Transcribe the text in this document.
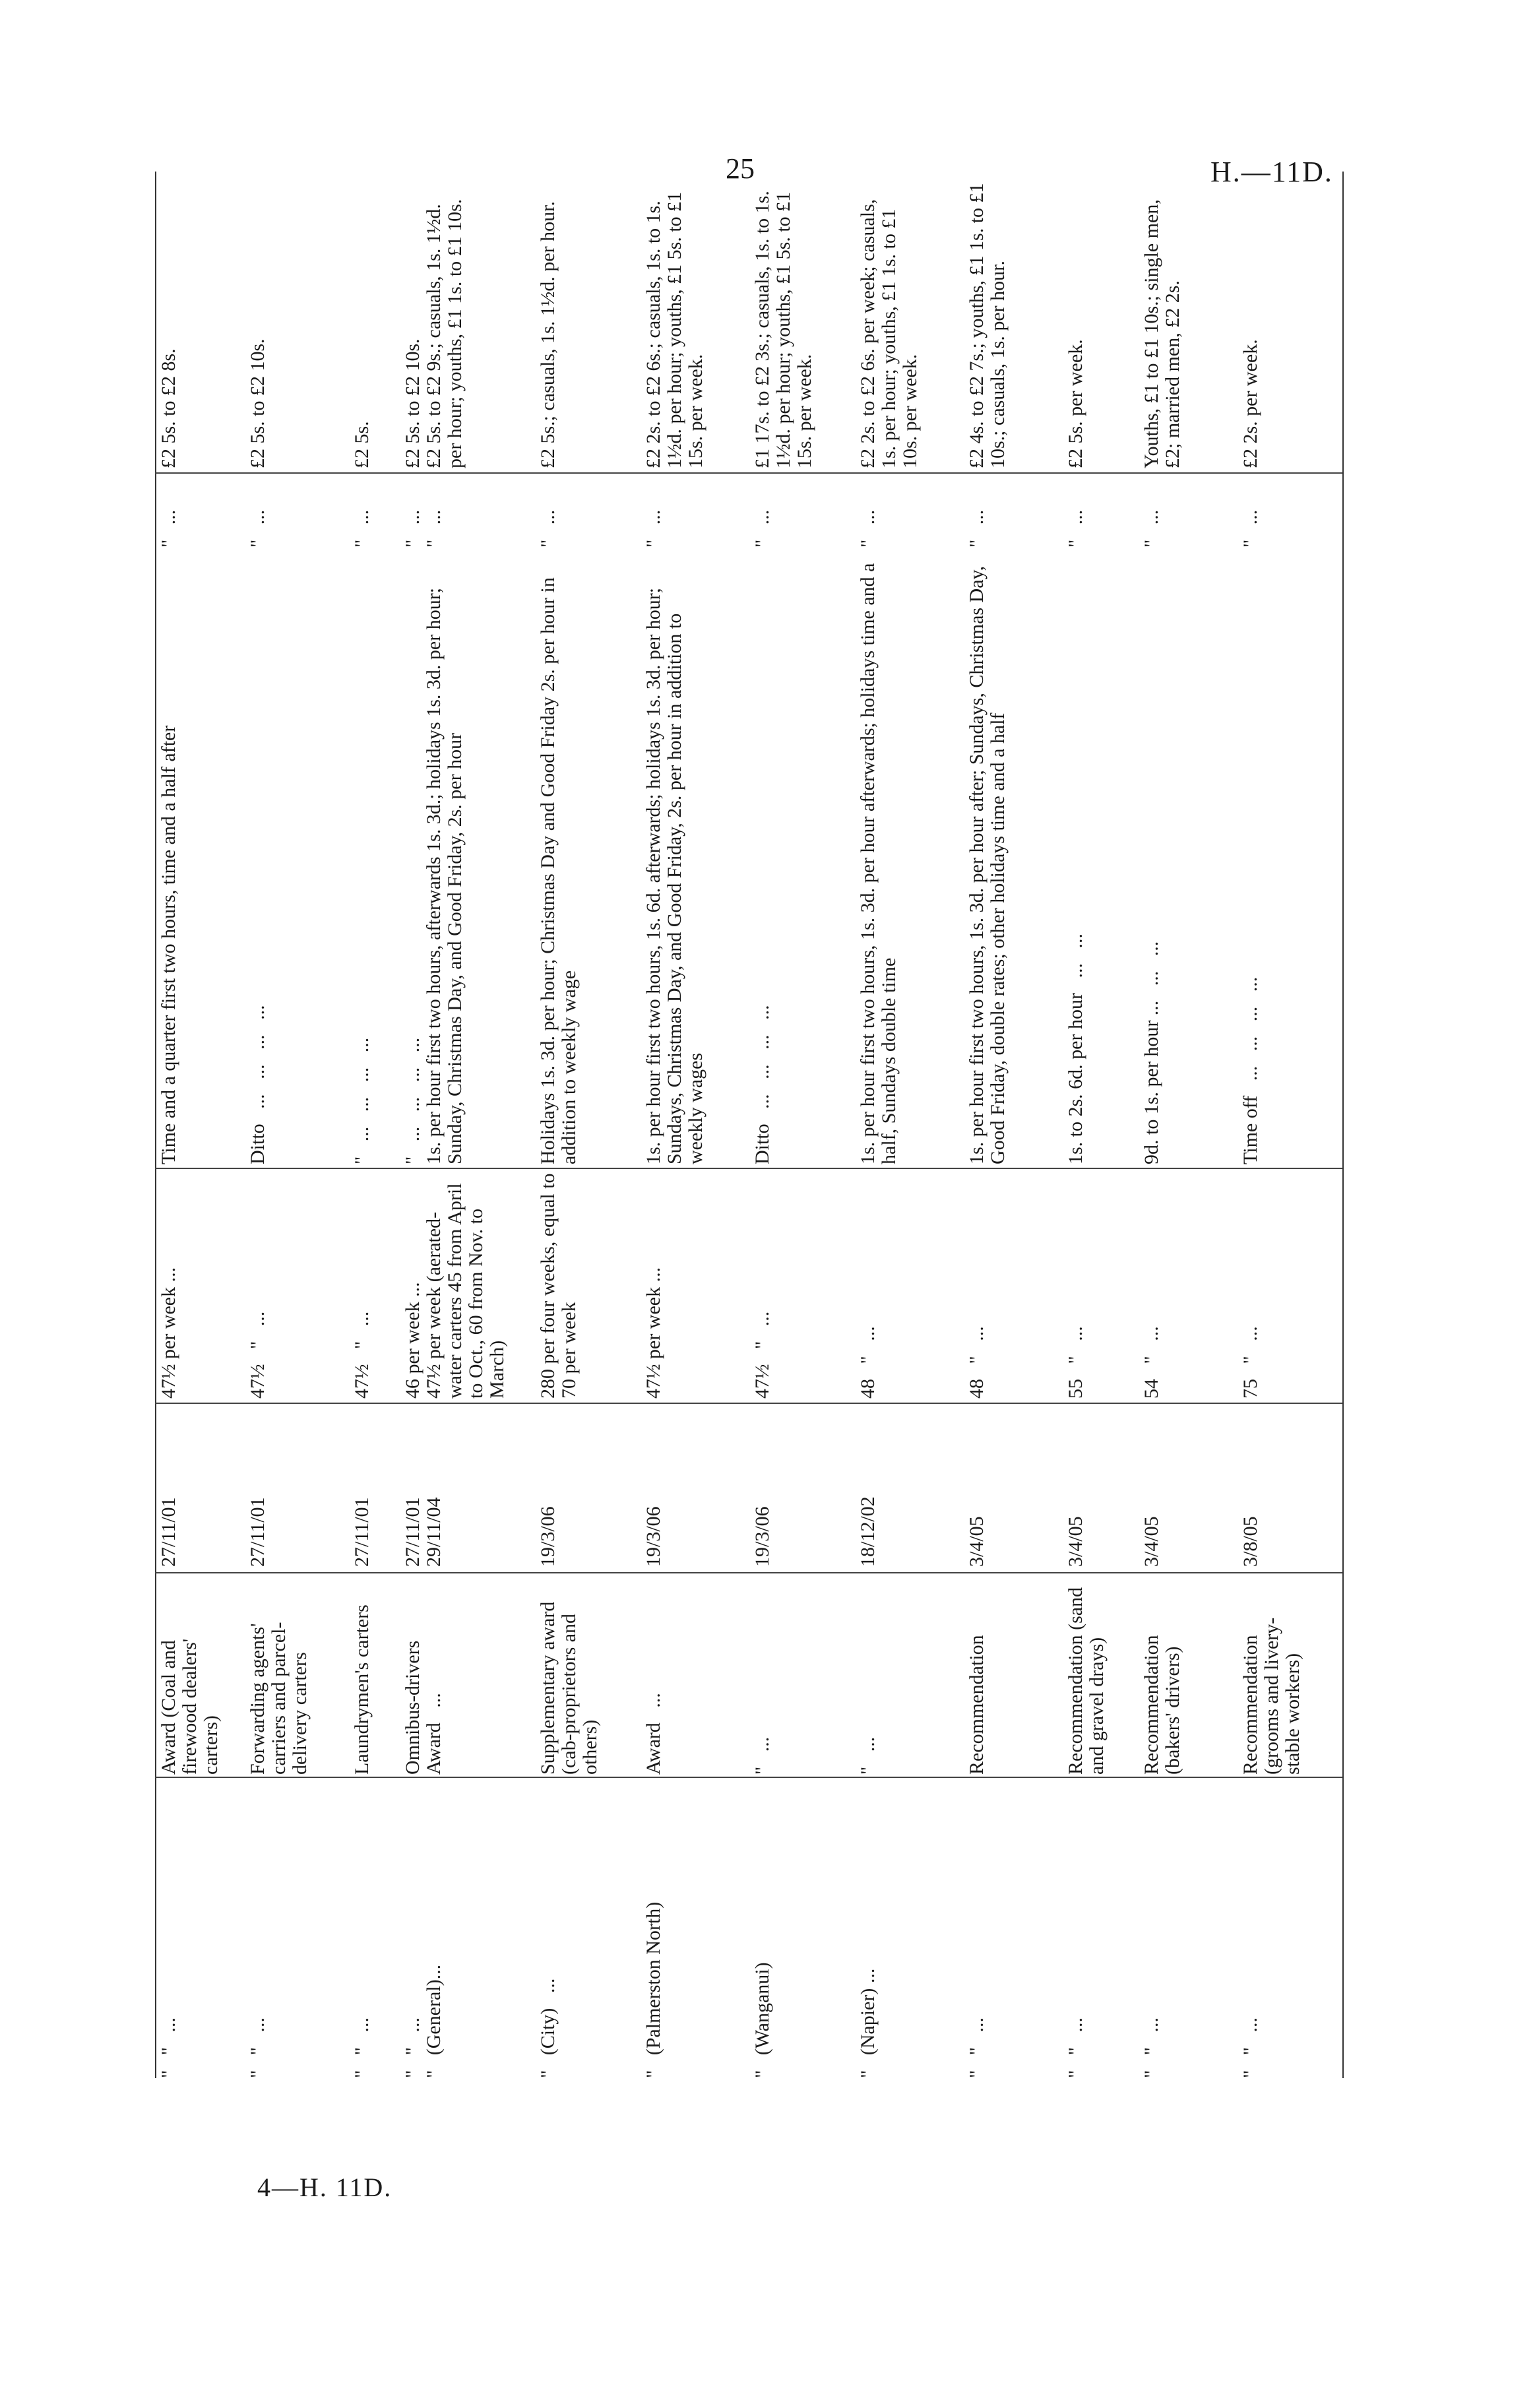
25	H.—11D.
"   "   ...
Award (Coal and firewood dealers' carters)
27/11/01
47½ per week ...
Time and a quarter first two hours, time and a half after
"   ...
£2 5s. to £2 8s.
"   "   ...
Forwarding agents' carriers and parcel-delivery carters
27/11/01
47½   "   ...
Ditto   ...   ...   ...   ...
"   ...
£2 5s. to £2 10s.
"   "   ...
Laundrymen's carters
27/11/01
47½   "   ...
"   ...   ...   ...   ...
"   ...
£2 5s.
"   "   ...
"   (General)...
Omnibus-drivers
Award   ...
27/11/01
29/11/04
46 per week ...
47½ per week (aerated-water carters 45 from April to Oct., 60 from Nov. to March)
"   ...   ...   ...   ...
1s. per hour first two hours, afterwards 1s. 3d.; holidays 1s. 3d. per hour; Sunday, Christmas Day, and Good Friday, 2s. per hour
"   ...
"   ...
£2 5s. to £2 10s.
£2 5s. to £2 9s.; casuals, 1s. 1½d. per hour; youths, £1 1s. to £1 10s.
"   (City)   ...
Supplementary award (cab-proprietors and others)
19/3/06
280 per four weeks, equal to 70 per week
Holidays 1s. 3d. per hour; Christmas Day and Good Friday 2s. per hour in addition to weekly wage
"   ...
£2 5s.; casuals, 1s. 1½d. per hour.
"   (Palmerston North)
Award   ...
19/3/06
47½ per week ...
1s. per hour first two hours, 1s. 6d. afterwards; holidays 1s. 3d. per hour; Sundays, Christmas Day, and Good Friday, 2s. per hour in addition to weekly wages
"   ...
£2 2s. to £2 6s.; casuals, 1s. to 1s. 1½d. per hour; youths, £1 5s. to £1 15s. per week.
"   (Wanganui)
"   ...
19/3/06
47½   "   ...
Ditto   ...   ...   ...   ...
"   ...
£1 17s. to £2 3s.; casuals, 1s. to 1s. 1½d. per hour; youths, £1 5s. to £1 15s. per week.
"   (Napier) ...
"   ...
18/12/02
48   "   ...
1s. per hour first two hours, 1s. 3d. per hour afterwards; holidays time and a half, Sundays double time
"   ...
£2 2s. to £2 6s. per week; casuals, 1s. per hour; youths, £1 1s. to £1 10s. per week.
"   "   ...
Recommendation
3/4/05
48   "   ...
1s. per hour first two hours, 1s. 3d. per hour after; Sundays, Christmas Day, Good Friday, double rates; other holidays time and a half
"   ...
£2 4s. to £2 7s.; youths, £1 1s. to £1 10s.; casuals, 1s. per hour.
"   "   ...
Recommendation (sand and gravel drays)
3/4/05
55   "   ...
1s. to 2s. 6d. per hour   ...   ...
"   ...
£2 5s. per week.
"   "   ...
Recommendation (bakers' drivers)
3/4/05
54   "   ...
9d. to 1s. per hour ...   ...   ...
"   ...
Youths, £1 to £1 10s.; single men, £2; married men, £2 2s.
"   "   ...
Recommendation (grooms and livery-stable workers)
3/8/05
75   "   ...
Time off   ...   ...   ...   ...
"   ...
£2 2s. per week.
4—H. 11D.
